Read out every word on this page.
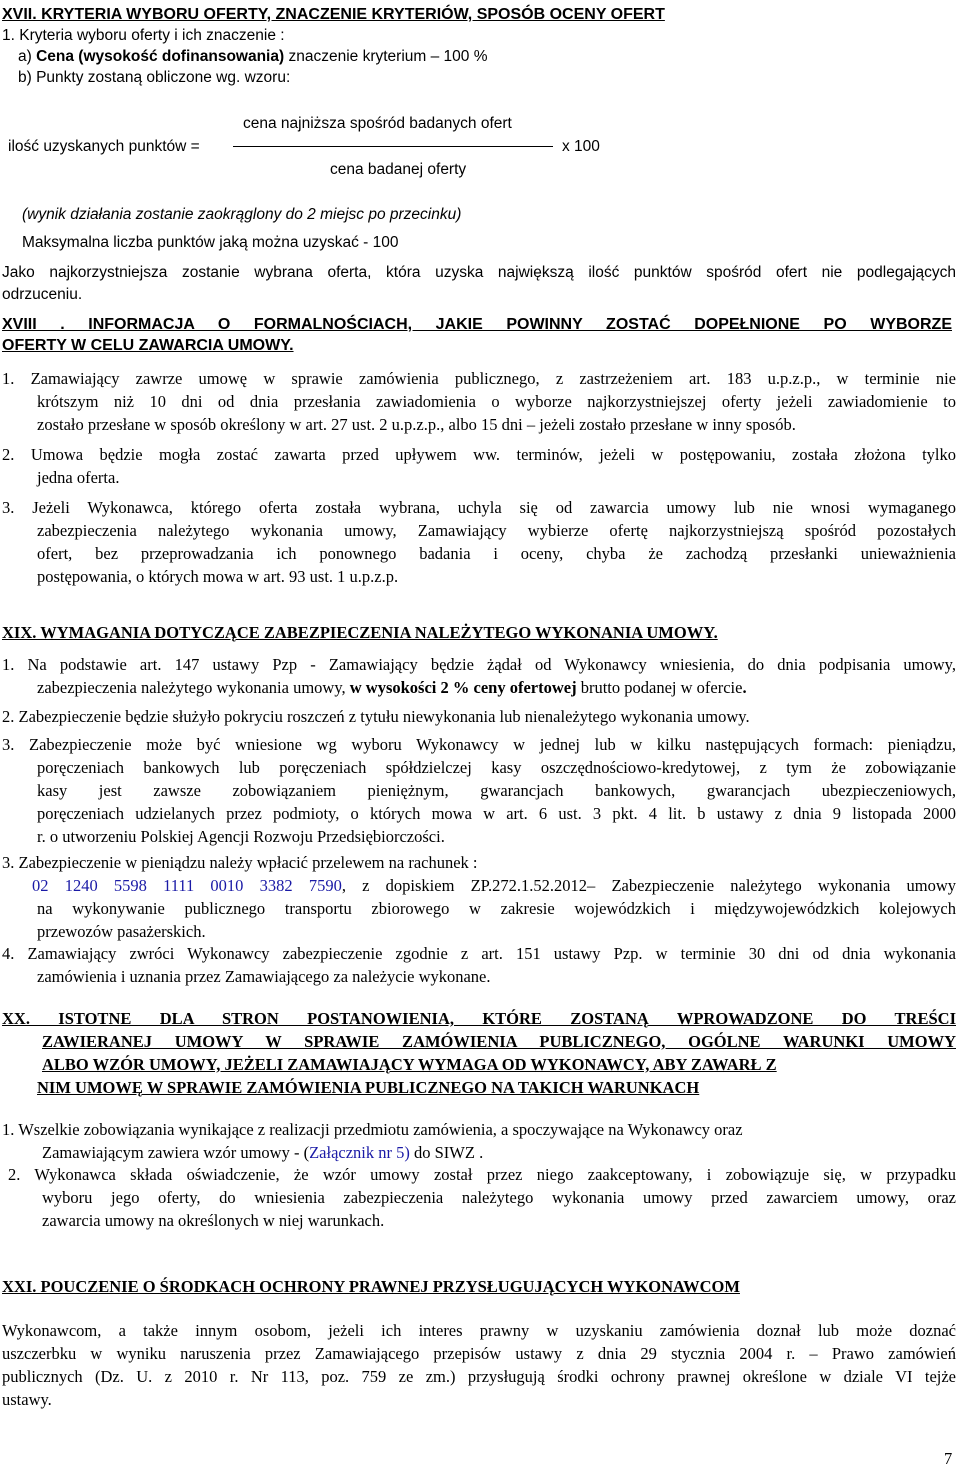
XVII. KRYTERIA WYBORU OFERTY, ZNACZENIE KRYTERIÓW, SPOSÓB OCENY OFERT
1. Kryteria wyboru oferty i ich znaczenie :
a) Cena (wysokość dofinansowania) znaczenie kryterium – 100 %
b) Punkty zostaną obliczone wg. wzoru:
cena najniższa spośród badanych ofert
ilość uzyskanych punktów =	x 100
cena badanej oferty
(wynik działania zostanie zaokrąglony do 2 miejsc po przecinku)
Maksymalna liczba punktów jaką można uzyskać - 100
Jako najkorzystniejsza zostanie wybrana oferta, która uzyska największą ilość punktów spośród ofert nie podlegających
odrzuceniu.
XVIII . INFORMACJA O FORMALNOŚCIACH, JAKIE POWINNY ZOSTAĆ DOPEŁNIONE PO WYBORZE
OFERTY W CELU ZAWARCIA UMOWY.
1. Zamawiający zawrze umowę w sprawie zamówienia publicznego, z zastrzeżeniem art. 183 u.p.z.p., w terminie nie
krótszym niż 10 dni od dnia przesłania zawiadomienia o wyborze najkorzystniejszej oferty jeżeli zawiadomienie to
zostało przesłane w sposób określony w art. 27 ust. 2 u.p.z.p., albo 15 dni – jeżeli zostało przesłane w inny sposób.
2. Umowa będzie mogła zostać zawarta przed upływem ww. terminów, jeżeli w postępowaniu, została złożona tylko
jedna oferta.
3. Jeżeli Wykonawca, którego oferta została wybrana, uchyla się od zawarcia umowy lub nie wnosi wymaganego
zabezpieczenia należytego wykonania umowy, Zamawiający wybierze ofertę najkorzystniejszą spośród pozostałych
ofert, bez przeprowadzania ich ponownego badania i oceny, chyba że zachodzą przesłanki unieważnienia
postępowania, o których mowa w art. 93 ust. 1 u.p.z.p.
XIX. WYMAGANIA DOTYCZĄCE ZABEZPIECZENIA NALEŻYTEGO WYKONANIA UMOWY.
1. Na podstawie art. 147 ustawy Pzp - Zamawiający będzie żądał od Wykonawcy wniesienia, do dnia podpisania umowy,
zabezpieczenia należytego wykonania umowy, w wysokości 2 % ceny ofertowej brutto podanej w ofercie.
2. Zabezpieczenie będzie służyło pokryciu roszczeń z tytułu niewykonania lub nienależytego wykonania umowy.
3. Zabezpieczenie może być wniesione wg wyboru Wykonawcy w jednej lub w kilku następujących formach: pieniądzu,
poręczeniach bankowych lub poręczeniach spółdzielczej kasy oszczędnościowo-kredytowej, z tym że zobowiązanie
kasy jest zawsze zobowiązaniem pieniężnym, gwarancjach bankowych, gwarancjach ubezpieczeniowych,
poręczeniach udzielanych przez podmioty, o których mowa w art. 6 ust. 3 pkt. 4 lit. b ustawy z dnia 9 listopada 2000
r. o utworzeniu Polskiej Agencji Rozwoju Przedsiębiorczości.
3. Zabezpieczenie w pieniądzu należy wpłacić przelewem na rachunek :
02 1240 5598 1111 0010 3382 7590, z dopiskiem ZP.272.1.52.2012– Zabezpieczenie należytego wykonania umowy
na wykonywanie publicznego transportu zbiorowego w zakresie wojewódzkich i międzywojewódzkich kolejowych
przewozów pasażerskich.
4. Zamawiający zwróci Wykonawcy zabezpieczenie zgodnie z art. 151 ustawy Pzp. w terminie 30 dni od dnia wykonania
zamówienia i uznania przez Zamawiającego za należycie wykonane.
XX. ISTOTNE DLA STRON POSTANOWIENIA, KTÓRE ZOSTANĄ WPROWADZONE DO TREŚCI
ZAWIERANEJ UMOWY W SPRAWIE ZAMÓWIENIA PUBLICZNEGO, OGÓLNE WARUNKI UMOWY
ALBO WZÓR UMOWY, JEŻELI ZAMAWIAJĄCY WYMAGA OD WYKONAWCY, ABY ZAWARŁ Z
NIM UMOWĘ W SPRAWIE ZAMÓWIENIA PUBLICZNEGO NA TAKICH WARUNKACH
1. Wszelkie zobowiązania wynikające z realizacji przedmiotu zamówienia, a spoczywające na Wykonawcy oraz
Zamawiającym zawiera wzór umowy - (Załącznik nr 5) do SIWZ .
2. Wykonawca składa oświadczenie, że wzór umowy został przez niego zaakceptowany, i zobowiązuje się, w przypadku
wyboru jego oferty, do wniesienia zabezpieczenia należytego wykonania umowy przed zawarciem umowy, oraz
zawarcia umowy na określonych w niej warunkach.
XXI. POUCZENIE O ŚRODKACH OCHRONY PRAWNEJ PRZYSŁUGUJĄCYCH WYKONAWCOM
Wykonawcom, a także innym osobom, jeżeli ich interes prawny w uzyskaniu zamówienia doznał lub może doznać
uszczerbku w wyniku naruszenia przez Zamawiającego przepisów ustawy z dnia 29 stycznia 2004 r. – Prawo zamówień
publicznych (Dz. U. z 2010 r. Nr 113, poz. 759 ze zm.) przysługują środki ochrony prawnej określone w dziale VI tejże
ustawy.
7
